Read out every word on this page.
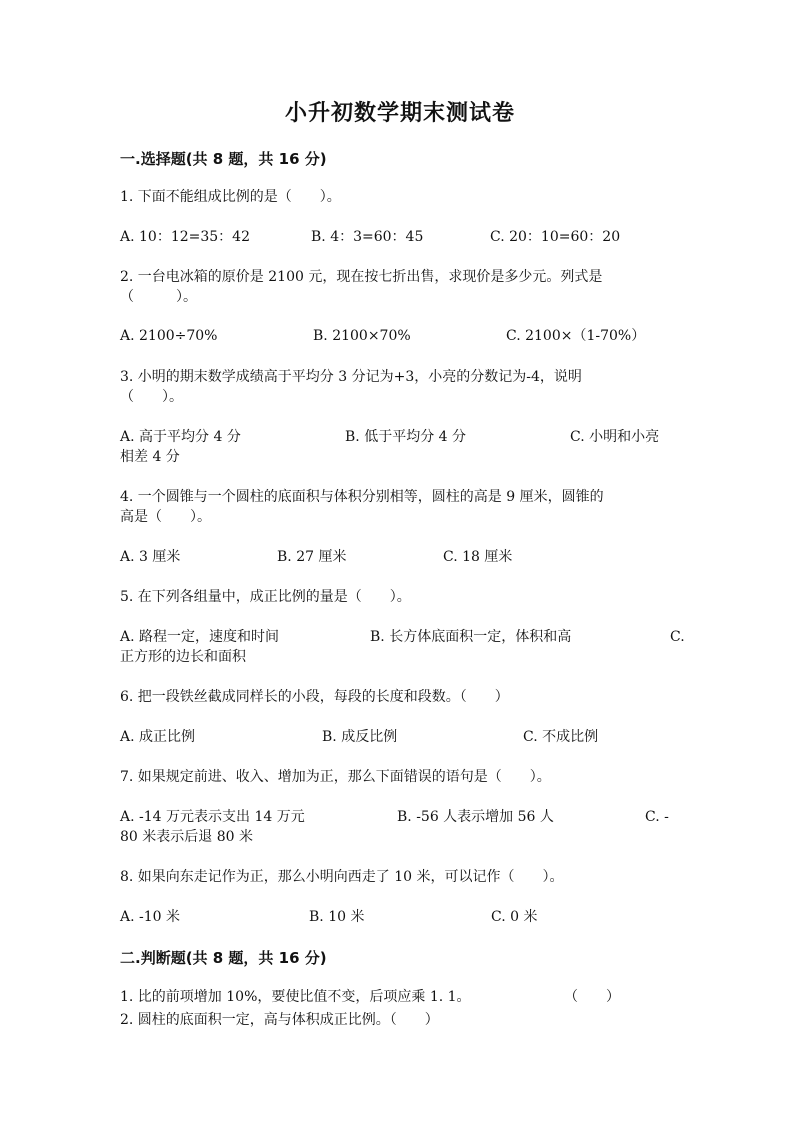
小升初数学期末测试卷
一.选择题(共 8 题，共 16 分)
1. 下面不能组成比例的是（　　）。
A. 10：12=35：42	B. 4：3=60：45	C. 20：10=60：20
2. 一台电冰箱的原价是 2100 元，现在按七折出售，求现价是多少元。列式是
（　　　）。
A. 2100÷70%	B. 2100×70%	C. 2100×（1-70%）
3. 小明的期末数学成绩高于平均分 3 分记为+3，小亮的分数记为-4，说明
（　　）。
A. 高于平均分 4 分	B. 低于平均分 4 分	C. 小明和小亮
相差 4 分
4. 一个圆锥与一个圆柱的底面积与体积分别相等，圆柱的高是 9 厘米，圆锥的
高是（　　）。
A. 3 厘米	B. 27 厘米	C. 18 厘米
5. 在下列各组量中，成正比例的量是（　　）。
A. 路程一定，速度和时间	B. 长方体底面积一定，体积和高	C.
正方形的边长和面积
6. 把一段铁丝截成同样长的小段，每段的长度和段数。（　　）
A. 成正比例	B. 成反比例	C. 不成比例
7. 如果规定前进、收入、增加为正，那么下面错误的语句是（　　）。
A. -14 万元表示支出 14 万元	B. -56 人表示增加 56 人	C. -
80 米表示后退 80 米
8. 如果向东走记作为正，那么小明向西走了 10 米，可以记作（　　）。
A. -10 米	B. 10 米	C. 0 米
二.判断题(共 8 题，共 16 分)
1. 比的前项增加 10%，要使比值不变，后项应乘 1. 1。	（　　）
2. 圆柱的底面积一定，高与体积成正比例。（　　）
